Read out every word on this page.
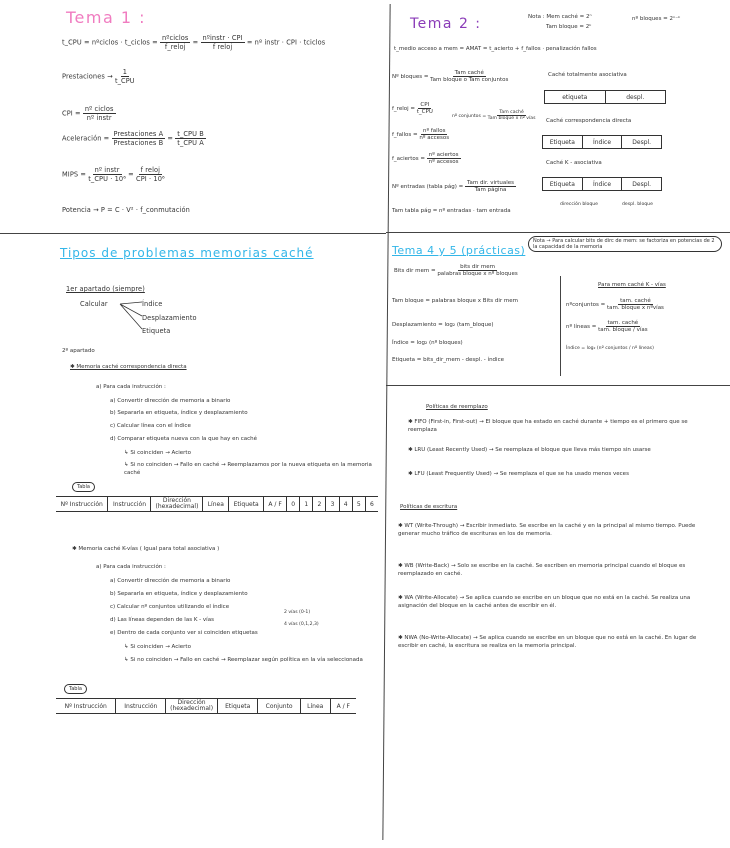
Tema 1 :
t_CPU = nºciclos · t_ciclos = $\frac{\text{nºciclos}}{\text{f\_reloj}} = \frac{\text{nºinstr · CPI}}{\text{f reloj}}$ = nº instr · CPI · tciclos
Prestaciones → $\frac{1}{\text{t\_CPU}}$
CPI = $\frac{\text{nº ciclos}}{\text{nº instr}}$
Aceleración = $\frac{\text{Prestaciones A}}{\text{Prestaciones B}} = \frac{\text{t\_CPU B}}{\text{t\_CPU A}}$
MIPS = $\frac{\text{nº instr}}{\text{t\_CPU · 10⁶}} = \frac{\text{f reloj}}{\text{CPI · 10⁶}}$
Potencia → P = C · V² · f_conmutación
Tema 2 :	Nota : Mem caché = 2ⁿ
Tam bloque = 2ᵏ
nº bloques = 2ⁿ⁻ᵏ
t_medio acceso a mem = AMAT = t_acierto + f_fallos · penalización fallos
Nº bloques = $\frac{\text{Tam caché}}{\text{Tam bloque o Tam conjuntos}}$
f_reloj = $\frac{\text{CPI}}{\text{t\_CPU}}$
nº conjuntos = $\frac{\text{Tam caché}}{\text{Tam bloque x nº vías}}$
f_fallos = $\frac{\text{nº fallos}}{\text{nº accesos}}$
f_aciertos = $\frac{\text{nº aciertos}}{\text{nº accesos}}$
Nº entradas (tabla pág) = $\frac{\text{Tam dir. virtuales}}{\text{Tam página}}$
Tam tabla pág = nº entradas · tam entrada
Caché totalmente asociativa
etiqueta	despl.
Caché correspondencia directa
Etiqueta	Índice	Despl.
Caché K - asociativa
Etiqueta	Índice	Despl.
dirección bloque	despl. bloque
Tipos de problemas memorias caché
1er apartado (siempre)
Calcular	Índice
Desplazamiento
Etiqueta
2º apartado
✱ Memoria caché correspondencia directa
a) Para cada instrucción :
a) Convertir dirección de memoria a binario
b) Separarla en etiqueta, índice y desplazamiento
c) Calcular línea con el índice
d) Comparar etiqueta nueva con la que hay en caché
↳ Si coinciden → Acierto
↳ Si no coinciden → Fallo en caché → Reemplazamos por la nueva etiqueta en la memoria caché
Tabla
Nº Instrucción	Instrucción	Dirección (hexadecimal)	Línea	Etiqueta	A / F	0	1	2	3	4	5	6
✱ Memoria caché K-vías ( Igual para total asociativa )
a) Para cada instrucción :
a) Convertir dirección de memoria a binario
b) Separarla en etiqueta, índice y desplazamiento
c) Calcular nº conjuntos utilizando el índice
d) Las líneas dependen de las K - vías
2 vías (0-1)
4 vías (0,1,2,3)
e) Dentro de cada conjunto ver si coinciden etiquetas
↳ Si coinciden → Acierto
↳ Si no coinciden → Fallo en caché → Reemplazar según política en la vía seleccionada
Tabla
Nº Instrucción	Instrucción	Dirección (hexadecimal)	Etiqueta	Conjunto	Línea	A / F
Tema 4 y 5 (prácticas)
Nota → Para calcular bits de dirc de mem: se factoriza en potencias de 2 la capacidad de la memoria
Bits dir mem = $\frac{\text{bits dir mem}}{\text{palabras bloque x nº bloques}}$
Tam bloque = palabras bloque x Bits dir mem
Desplazamiento = log₂ (tam_bloque)
Índice = log₂ (nº bloques)
Etiqueta = bits_dir_mem - despl. - índice
Para mem caché K - vías
nºconjuntos = $\frac{\text{tam. caché}}{\text{tam. bloque x nºvías}}$
nº líneas = $\frac{\text{tam. caché}}{\text{tam. bloque / vías}}$
Índice = log₂ (nº conjuntos / nº líneas)
Políticas de reemplazo
✱ FIFO (First-in, First-out) → El bloque que ha estado en caché durante + tiempo es el primero que se reemplaza
✱ LRU (Least Recently Used) → Se reemplaza el bloque que lleva más tiempo sin usarse
✱ LFU (Least Frequently Used) → Se reemplaza el que se ha usado menos veces
Políticas de escritura
✱ WT (Write-Through) → Escribir inmediato. Se escribe en la caché y en la principal al mismo tiempo. Puede generar mucho tráfico de escrituras en los de memoria.
✱ WB (Write-Back) → Solo se escribe en la caché. Se escriben en memoria principal cuando el bloque es reemplazado en caché.
✱ WA (Write-Allocate) → Se aplica cuando se escribe en un bloque que no está en la caché. Se realiza una asignación del bloque en la caché antes de escribir en él.
✱ NWA (No-Write-Allocate) → Se aplica cuando se escribe en un bloque que no está en la caché. En lugar de escribir en caché, la escritura se realiza en la memoria principal.
